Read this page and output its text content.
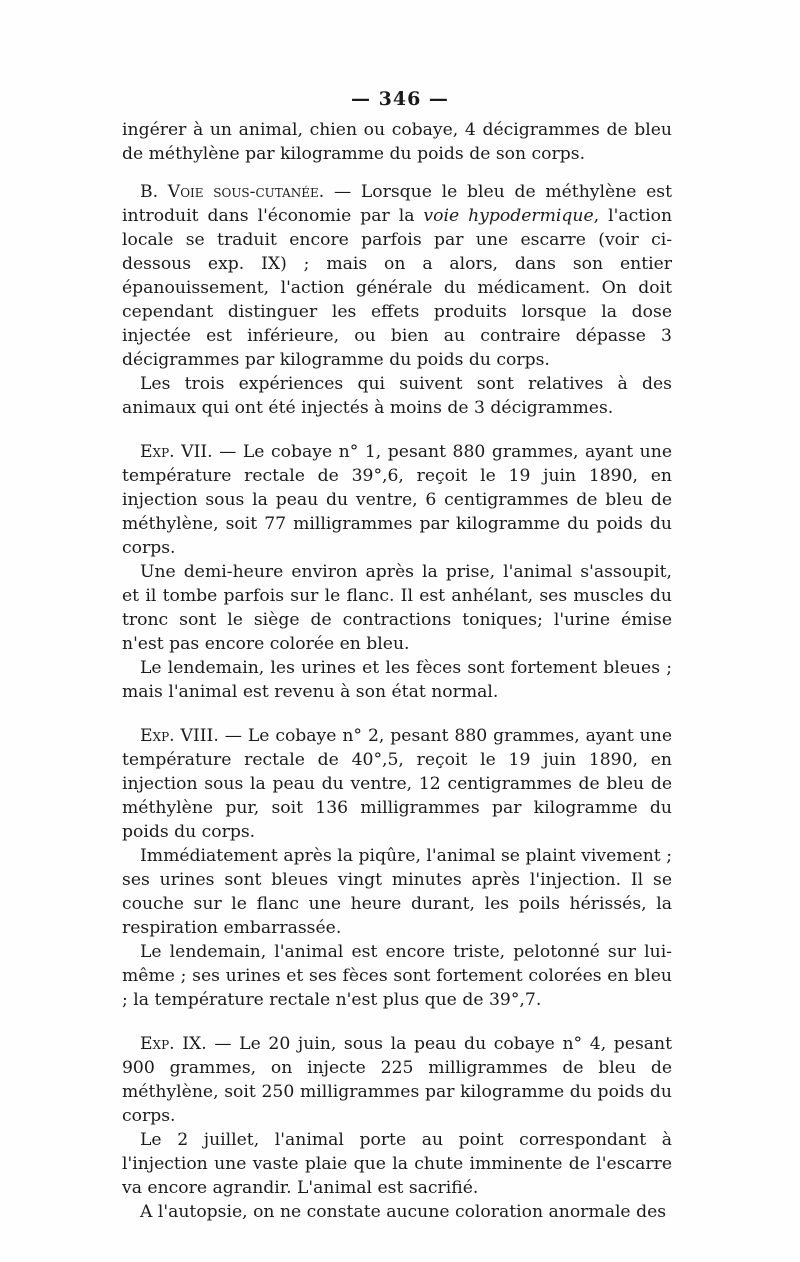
— 346 —

ingérer à un animal, chien ou cobaye, 4 décigrammes de bleu de méthylène par kilogramme du poids de son corps.

B. Voie sous-cutanée. — Lorsque le bleu de méthylène est introduit dans l'économie par la voie hypodermique, l'action locale se traduit encore parfois par une escarre (voir ci-dessous exp. IX) ; mais on a alors, dans son entier épanouissement, l'action générale du médicament. On doit cependant distinguer les effets produits lorsque la dose injectée est inférieure, ou bien au contraire dépasse 3 décigrammes par kilogramme du poids du corps.

Les trois expériences qui suivent sont relatives à des animaux qui ont été injectés à moins de 3 décigrammes.

Exp. VII. — Le cobaye n° 1, pesant 880 grammes, ayant une température rectale de 39°,6, reçoit le 19 juin 1890, en injection sous la peau du ventre, 6 centigrammes de bleu de méthylène, soit 77 milligrammes par kilogramme du poids du corps.

Une demi-heure environ après la prise, l'animal s'assoupit, et il tombe parfois sur le flanc. Il est anhélant, ses muscles du tronc sont le siège de contractions toniques; l'urine émise n'est pas encore colorée en bleu.

Le lendemain, les urines et les fèces sont fortement bleues ; mais l'animal est revenu à son état normal.

Exp. VIII. — Le cobaye n° 2, pesant 880 grammes, ayant une température rectale de 40°,5, reçoit le 19 juin 1890, en injection sous la peau du ventre, 12 centigrammes de bleu de méthylène pur, soit 136 milligrammes par kilogramme du poids du corps.

Immédiatement après la piqûre, l'animal se plaint vivement ; ses urines sont bleues vingt minutes après l'injection. Il se couche sur le flanc une heure durant, les poils hérissés, la respiration embarrassée.

Le lendemain, l'animal est encore triste, pelotonné sur lui-même ; ses urines et ses fèces sont fortement colorées en bleu ; la température rectale n'est plus que de 39°,7.

Exp. IX. — Le 20 juin, sous la peau du cobaye n° 4, pesant 900 grammes, on injecte 225 milligrammes de bleu de méthylène, soit 250 milligrammes par kilogramme du poids du corps.

Le 2 juillet, l'animal porte au point correspondant à l'injection une vaste plaie que la chute imminente de l'escarre va encore agrandir. L'animal est sacrifié.

A l'autopsie, on ne constate aucune coloration anormale des
